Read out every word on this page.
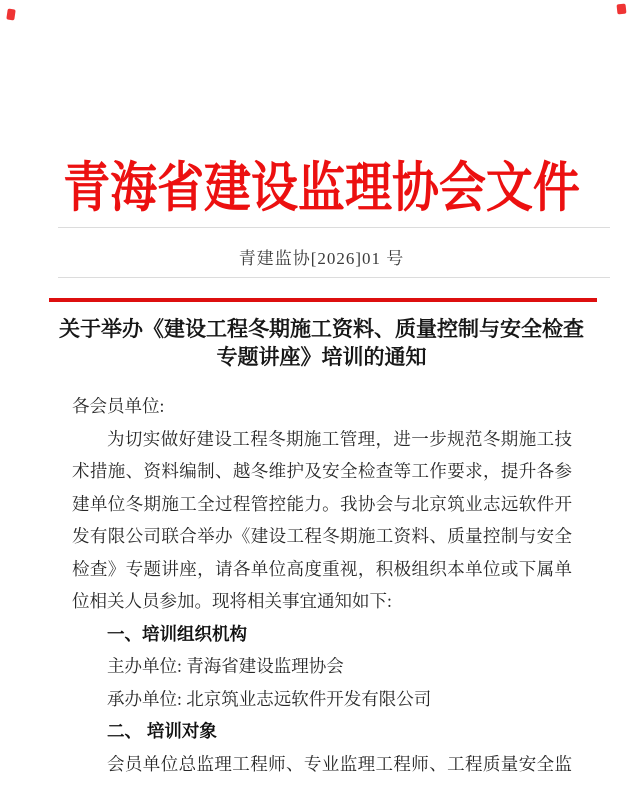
青海省建设监理协会文件
青建监协[2026]01 号
关于举办《建设工程冬期施工资料、质量控制与安全检查
专题讲座》培训的通知
各会员单位:
为切实做好建设工程冬期施工管理，进一步规范冬期施工技
术措施、资料编制、越冬维护及安全检查等工作要求，提升各参
建单位冬期施工全过程管控能力。我协会与北京筑业志远软件开
发有限公司联合举办《建设工程冬期施工资料、质量控制与安全
检查》专题讲座，请各单位高度重视，积极组织本单位或下属单
位相关人员参加。现将相关事宜通知如下:
一、培训组织机构
主办单位: 青海省建设监理协会
承办单位: 北京筑业志远软件开发有限公司
二、 培训对象
会员单位总监理工程师、专业监理工程师、工程质量安全监
